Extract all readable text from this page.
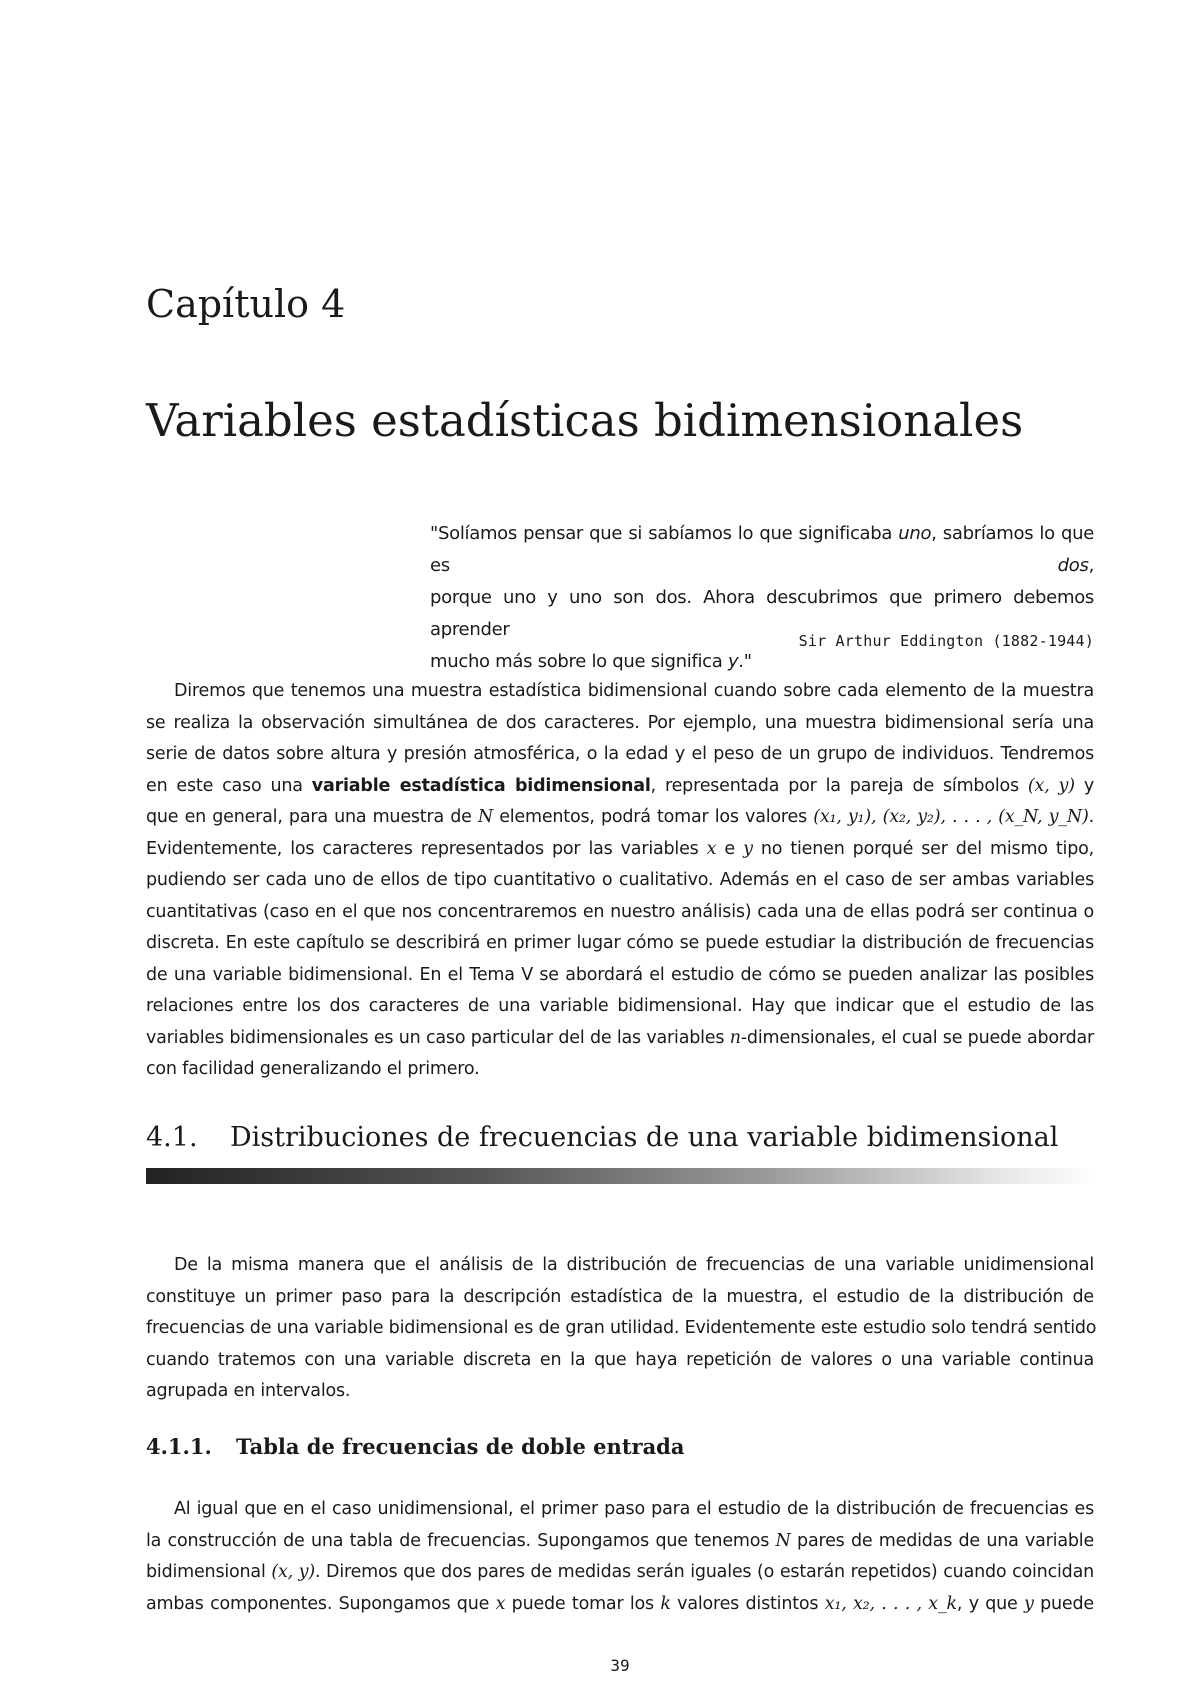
Capítulo 4
Variables estadísticas bidimensionales
"Solíamos pensar que si sabíamos lo que significaba uno, sabríamos lo que es dos,
porque uno y uno son dos. Ahora descubrimos que primero debemos aprender
mucho más sobre lo que significa y."
Sir Arthur Eddington (1882-1944)
Diremos que tenemos una muestra estadística bidimensional cuando sobre cada elemento de la muestra
se realiza la observación simultánea de dos caracteres. Por ejemplo, una muestra bidimensional sería una
serie de datos sobre altura y presión atmosférica, o la edad y el peso de un grupo de individuos. Tendremos
en este caso una variable estadística bidimensional, representada por la pareja de símbolos (x, y) y
que en general, para una muestra de N elementos, podrá tomar los valores (x₁, y₁), (x₂, y₂), . . . , (x_N, y_N).
Evidentemente, los caracteres representados por las variables x e y no tienen porqué ser del mismo tipo,
pudiendo ser cada uno de ellos de tipo cuantitativo o cualitativo. Además en el caso de ser ambas variables
cuantitativas (caso en el que nos concentraremos en nuestro análisis) cada una de ellas podrá ser continua o
discreta. En este capítulo se describirá en primer lugar cómo se puede estudiar la distribución de frecuencias
de una variable bidimensional. En el Tema V se abordará el estudio de cómo se pueden analizar las posibles
relaciones entre los dos caracteres de una variable bidimensional. Hay que indicar que el estudio de las
variables bidimensionales es un caso particular del de las variables n-dimensionales, el cual se puede abordar
con facilidad generalizando el primero.
4.1. Distribuciones de frecuencias de una variable bidimensional
De la misma manera que el análisis de la distribución de frecuencias de una variable unidimensional
constituye un primer paso para la descripción estadística de la muestra, el estudio de la distribución de
frecuencias de una variable bidimensional es de gran utilidad. Evidentemente este estudio solo tendrá sentido
cuando tratemos con una variable discreta en la que haya repetición de valores o una variable continua
agrupada en intervalos.
4.1.1. Tabla de frecuencias de doble entrada
Al igual que en el caso unidimensional, el primer paso para el estudio de la distribución de frecuencias es
la construcción de una tabla de frecuencias. Supongamos que tenemos N pares de medidas de una variable
bidimensional (x, y). Diremos que dos pares de medidas serán iguales (o estarán repetidos) cuando coincidan
ambas componentes. Supongamos que x puede tomar los k valores distintos x₁, x₂, . . . , x_k, y que y puede
39
